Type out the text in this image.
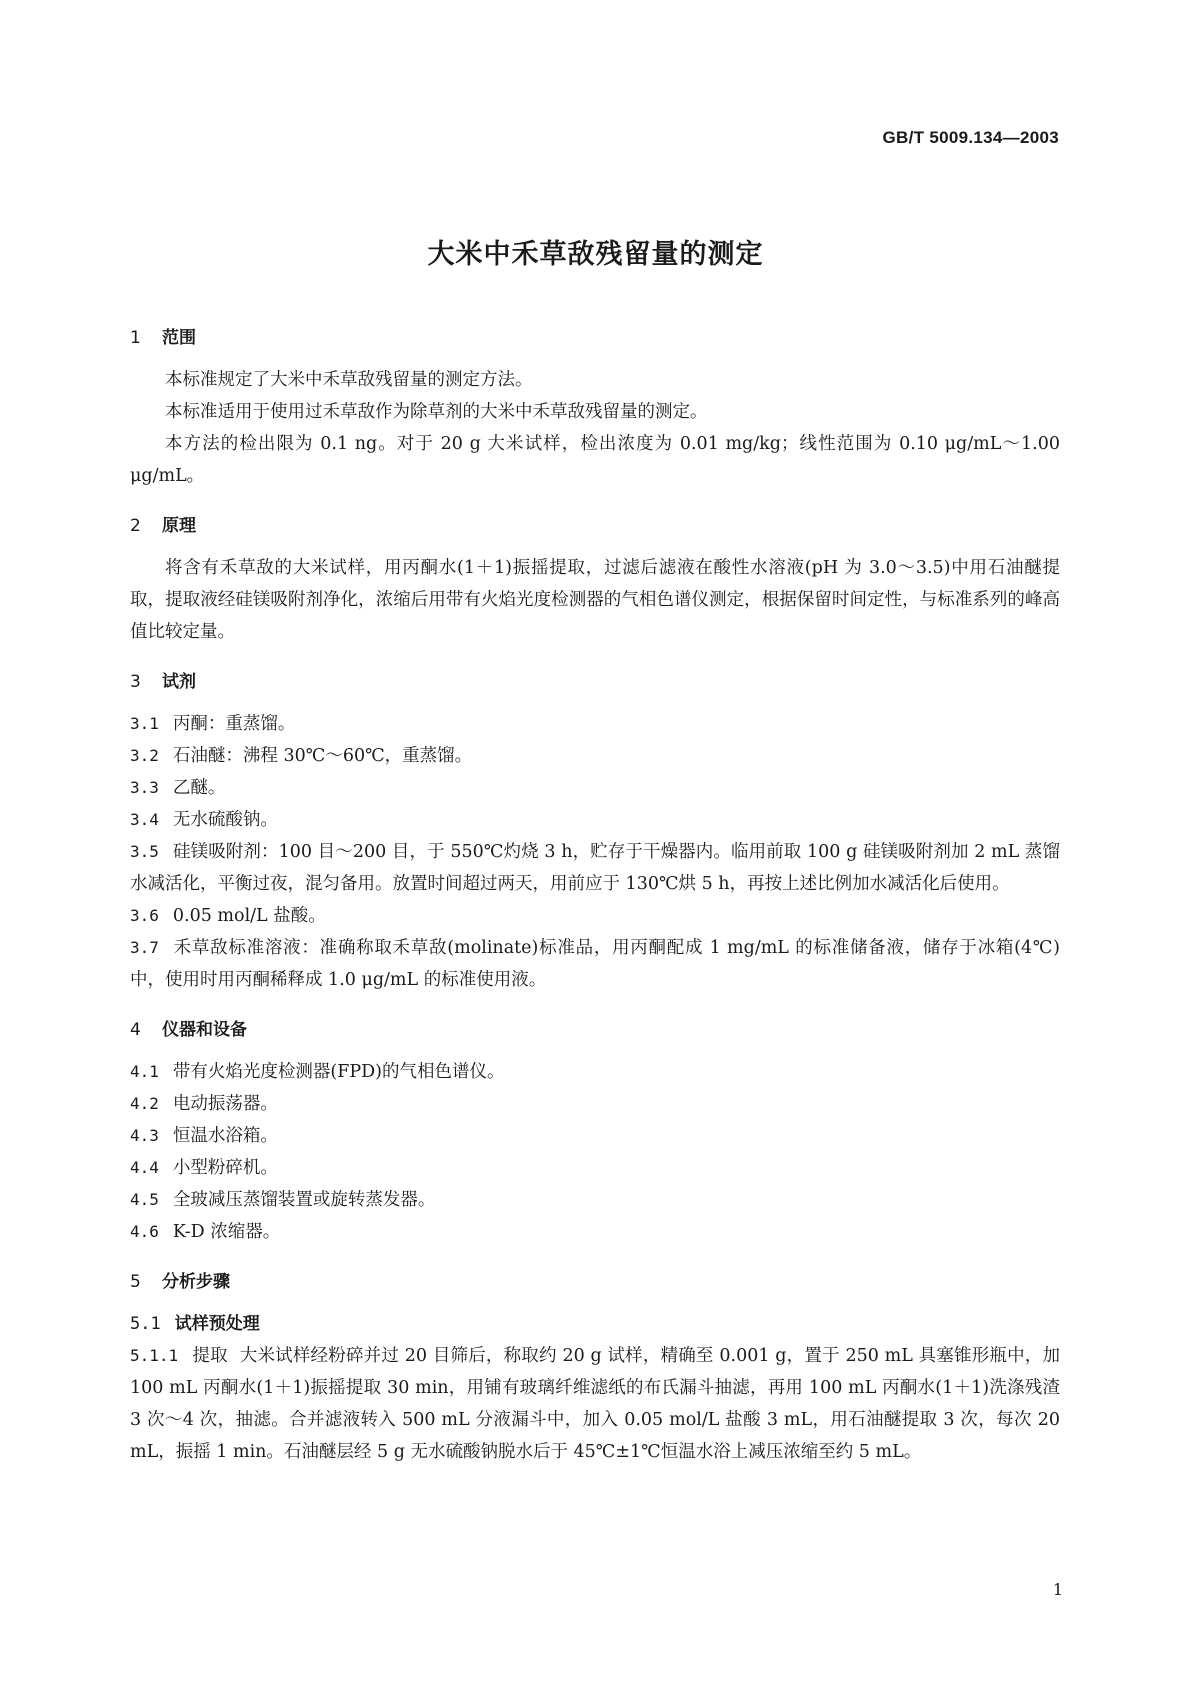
GB/T 5009.134—2003
大米中禾草敌残留量的测定
1 范围

本标准规定了大米中禾草敌残留量的测定方法。

本标准适用于使用过禾草敌作为除草剂的大米中禾草敌残留量的测定。

本方法的检出限为 0.1 ng。对于 20 g 大米试样，检出浓度为 0.01 mg/kg；线性范围为 0.10 μg/mL～1.00 μg/mL。

2 原理

将含有禾草敌的大米试样，用丙酮水(1＋1)振摇提取，过滤后滤液在酸性水溶液(pH 为 3.0～3.5)中用石油醚提取，提取液经硅镁吸附剂净化，浓缩后用带有火焰光度检测器的气相色谱仪测定，根据保留时间定性，与标准系列的峰高值比较定量。

3 试剂

3.1 丙酮：重蒸馏。

3.2 石油醚：沸程 30℃～60℃，重蒸馏。

3.3 乙醚。

3.4 无水硫酸钠。

3.5 硅镁吸附剂：100 目～200 目，于 550℃灼烧 3 h，贮存于干燥器内。临用前取 100 g 硅镁吸附剂加 2 mL 蒸馏水减活化，平衡过夜，混匀备用。放置时间超过两天，用前应于 130℃烘 5 h，再按上述比例加水减活化后使用。

3.6 0.05 mol/L 盐酸。

3.7 禾草敌标准溶液：准确称取禾草敌(molinate)标准品，用丙酮配成 1 mg/mL 的标准储备液，储存于冰箱(4℃)中，使用时用丙酮稀释成 1.0 μg/mL 的标准使用液。

4 仪器和设备

4.1 带有火焰光度检测器(FPD)的气相色谱仪。

4.2 电动振荡器。

4.3 恒温水浴箱。

4.4 小型粉碎机。

4.5 全玻减压蒸馏装置或旋转蒸发器。

4.6 K-D 浓缩器。

5 分析步骤

5.1 试样预处理

5.1.1 提取 大米试样经粉碎并过 20 目筛后，称取约 20 g 试样，精确至 0.001 g，置于 250 mL 具塞锥形瓶中，加 100 mL 丙酮水(1＋1)振摇提取 30 min，用铺有玻璃纤维滤纸的布氏漏斗抽滤，再用 100 mL 丙酮水(1＋1)洗涤残渣 3 次～4 次，抽滤。合并滤液转入 500 mL 分液漏斗中，加入 0.05 mol/L 盐酸 3 mL，用石油醚提取 3 次，每次 20 mL，振摇 1 min。石油醚层经 5 g 无水硫酸钠脱水后于 45℃±1℃恒温水浴上减压浓缩至约 5 mL。

1
